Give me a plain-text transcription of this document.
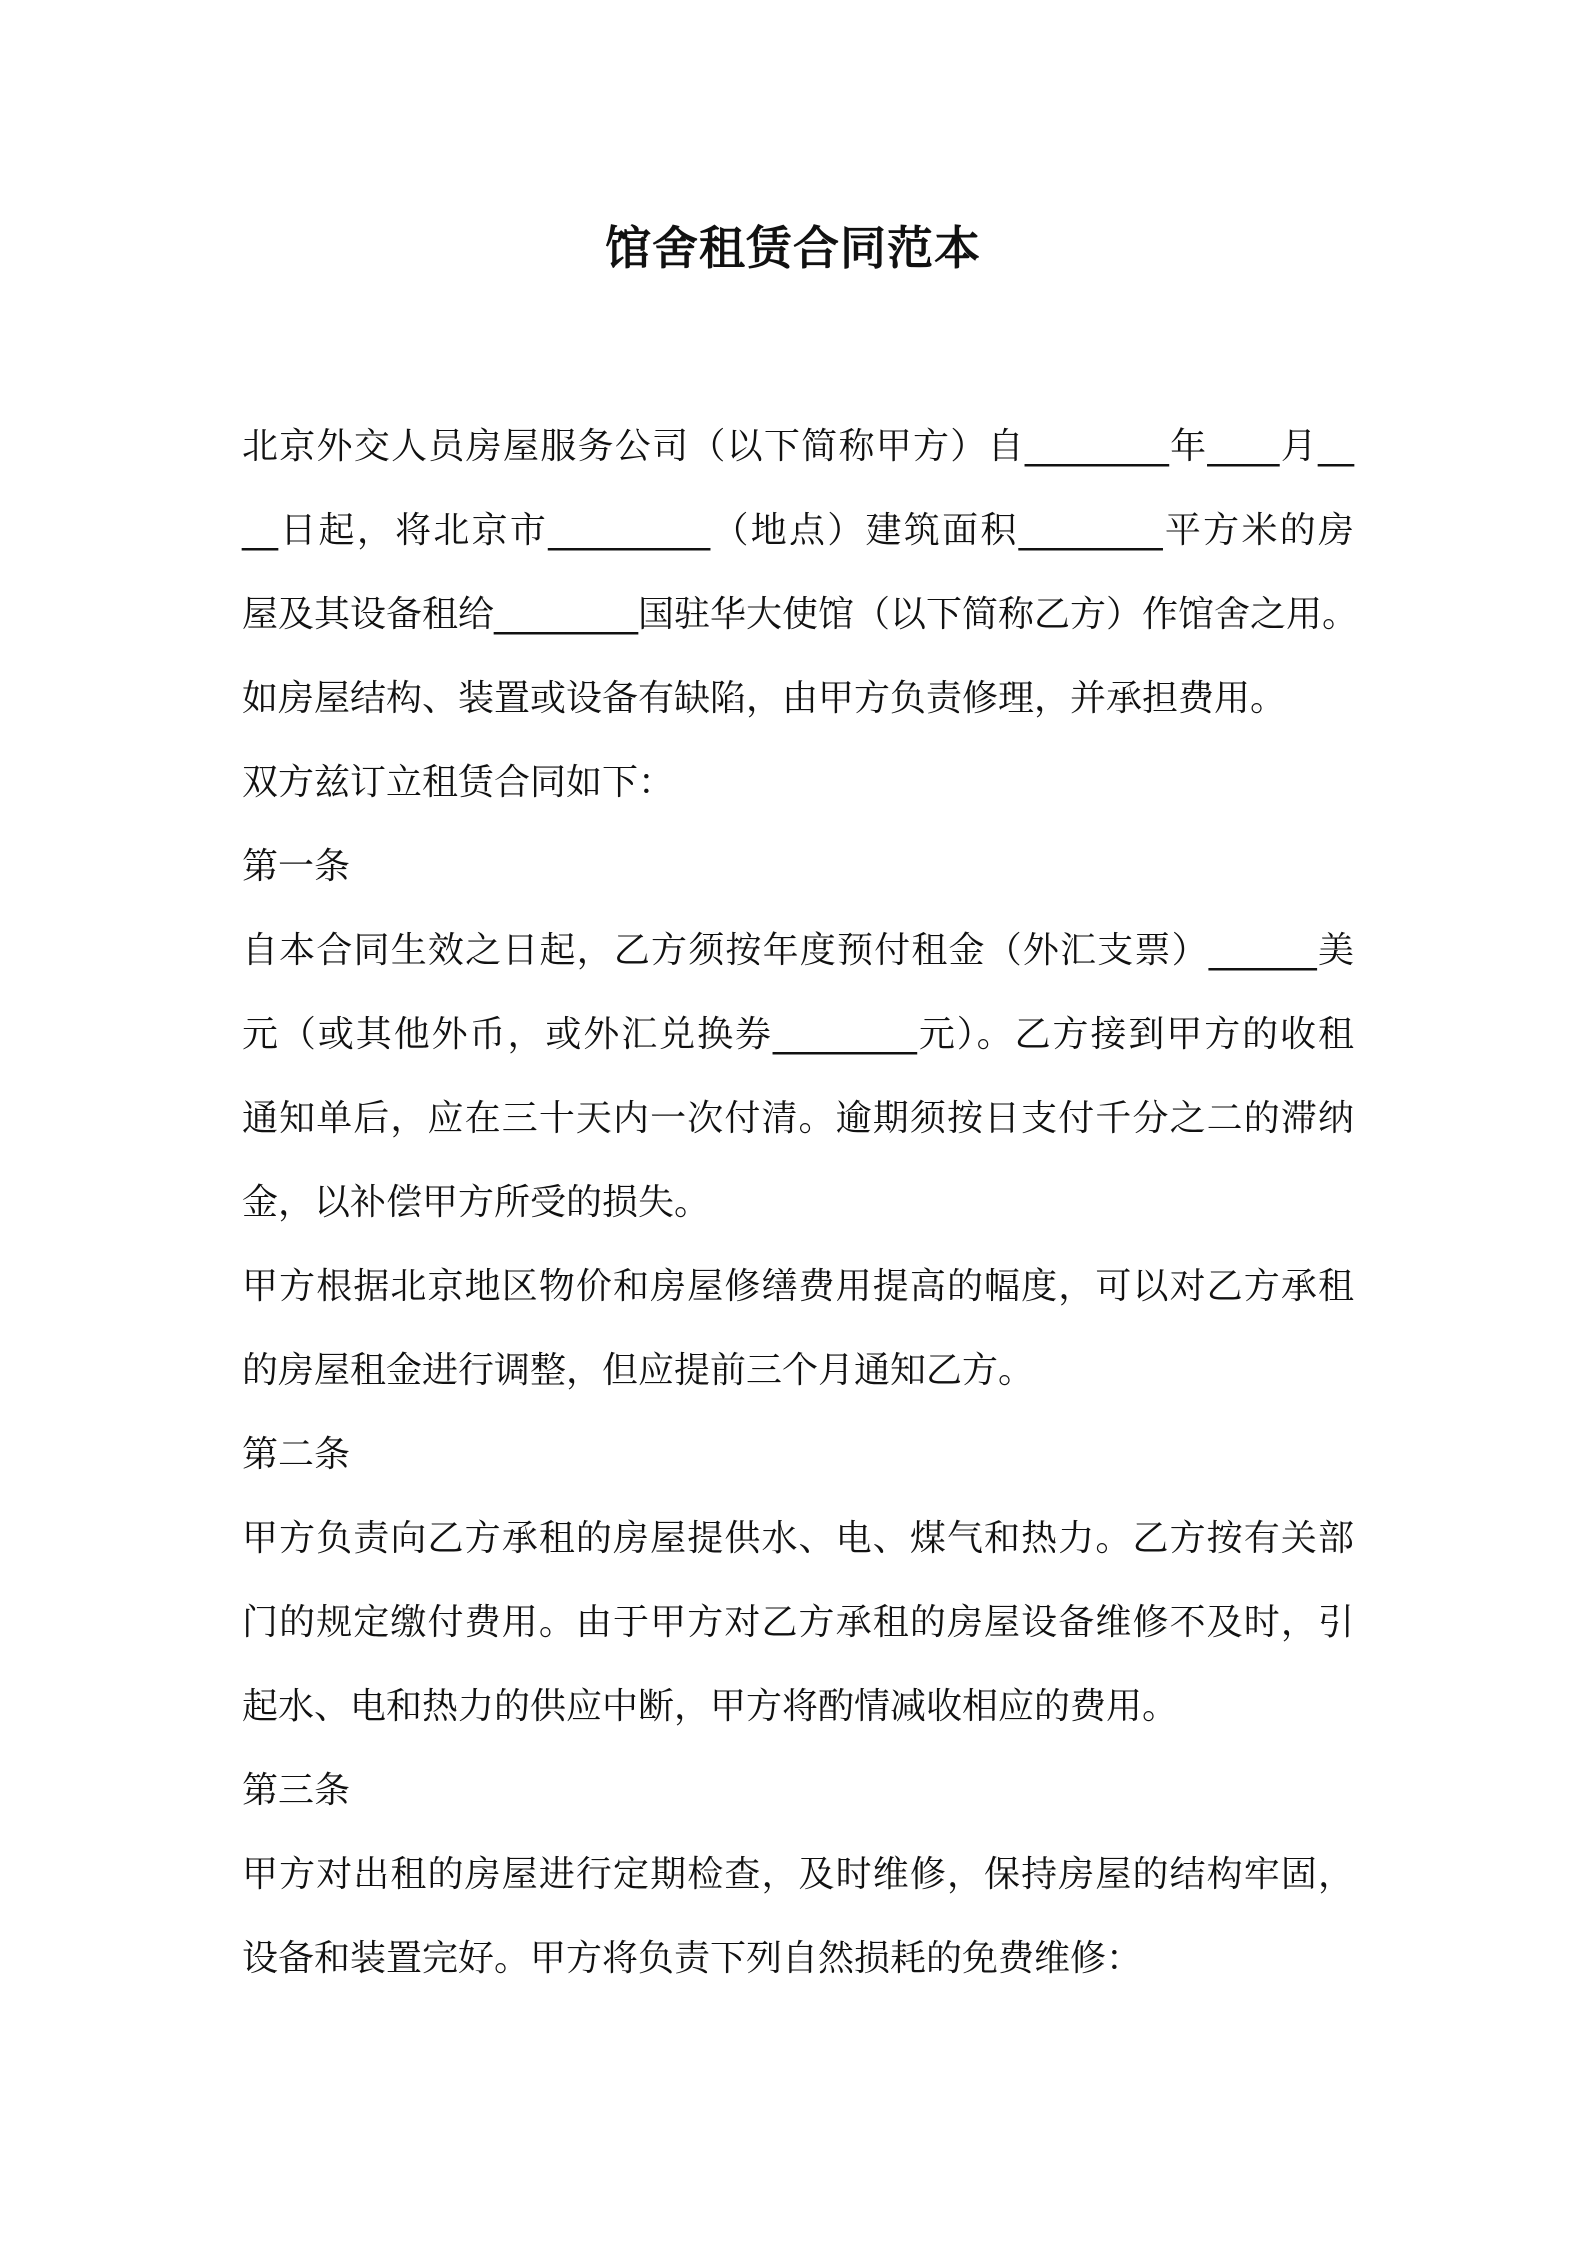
馆舍租赁合同范本
北京外交人员房屋服务公司（以下简称甲方）自________年____月__
__日起，将北京市_________（地点）建筑面积________平方米的房
屋及其设备租给________国驻华大使馆（以下简称乙方）作馆舍之用。
如房屋结构、装置或设备有缺陷，由甲方负责修理，并承担费用。
双方兹订立租赁合同如下：
第一条
自本合同生效之日起，乙方须按年度预付租金（外汇支票）______美
元（或其他外币，或外汇兑换券________元）。乙方接到甲方的收租
通知单后，应在三十天内一次付清。逾期须按日支付千分之二的滞纳
金，以补偿甲方所受的损失。
甲方根据北京地区物价和房屋修缮费用提高的幅度，可以对乙方承租
的房屋租金进行调整，但应提前三个月通知乙方。
第二条
甲方负责向乙方承租的房屋提供水、电、煤气和热力。乙方按有关部
门的规定缴付费用。由于甲方对乙方承租的房屋设备维修不及时，引
起水、电和热力的供应中断，甲方将酌情减收相应的费用。
第三条
甲方对出租的房屋进行定期检查，及时维修，保持房屋的结构牢固，
设备和装置完好。甲方将负责下列自然损耗的免费维修：
